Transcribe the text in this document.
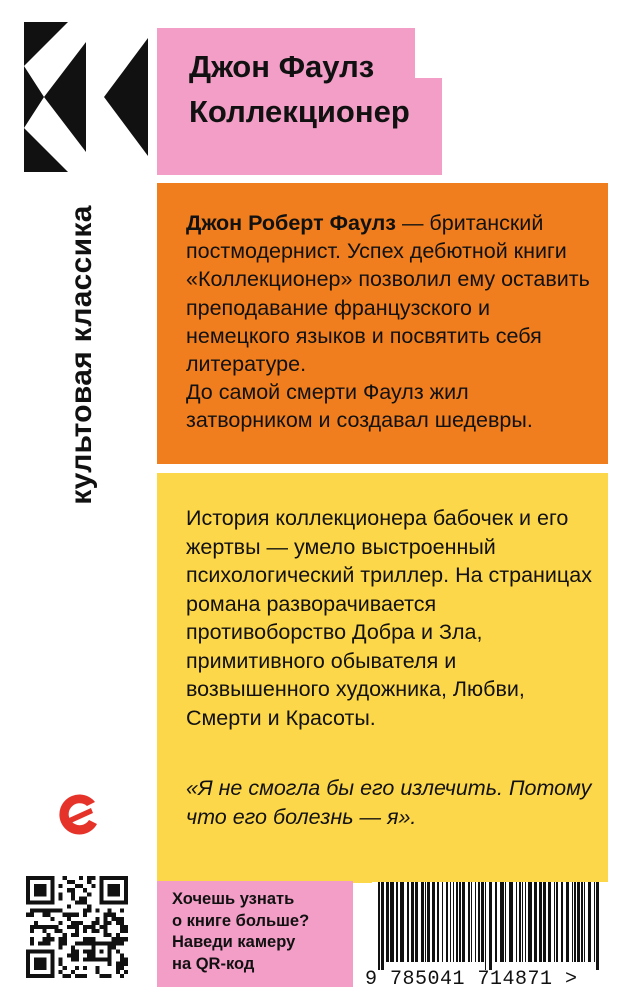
культовая классика
Джон Фаулз
Коллекционер

Джон Роберт Фаулз — британский постмодернист. Успех дебютной книги «Коллекционер» позволил ему оставить преподавание французского и немецкого языков и посвятить себя литературе.

До самой смерти Фаулз жил затворником и создавал шедевры.

История коллекционера бабочек и его жертвы — умело выстроенный психологический триллер. На страницах романа разворачивается противоборство Добра и Зла, примитивного обывателя и возвышенного художника, Любви, Смерти и Красоты.

«Я не смогла бы его излечить. Потому что его болезнь — я».

Хочешь узнать

о книге больше?

Наведи камеру

на QR-код

9 785041 714871 >
